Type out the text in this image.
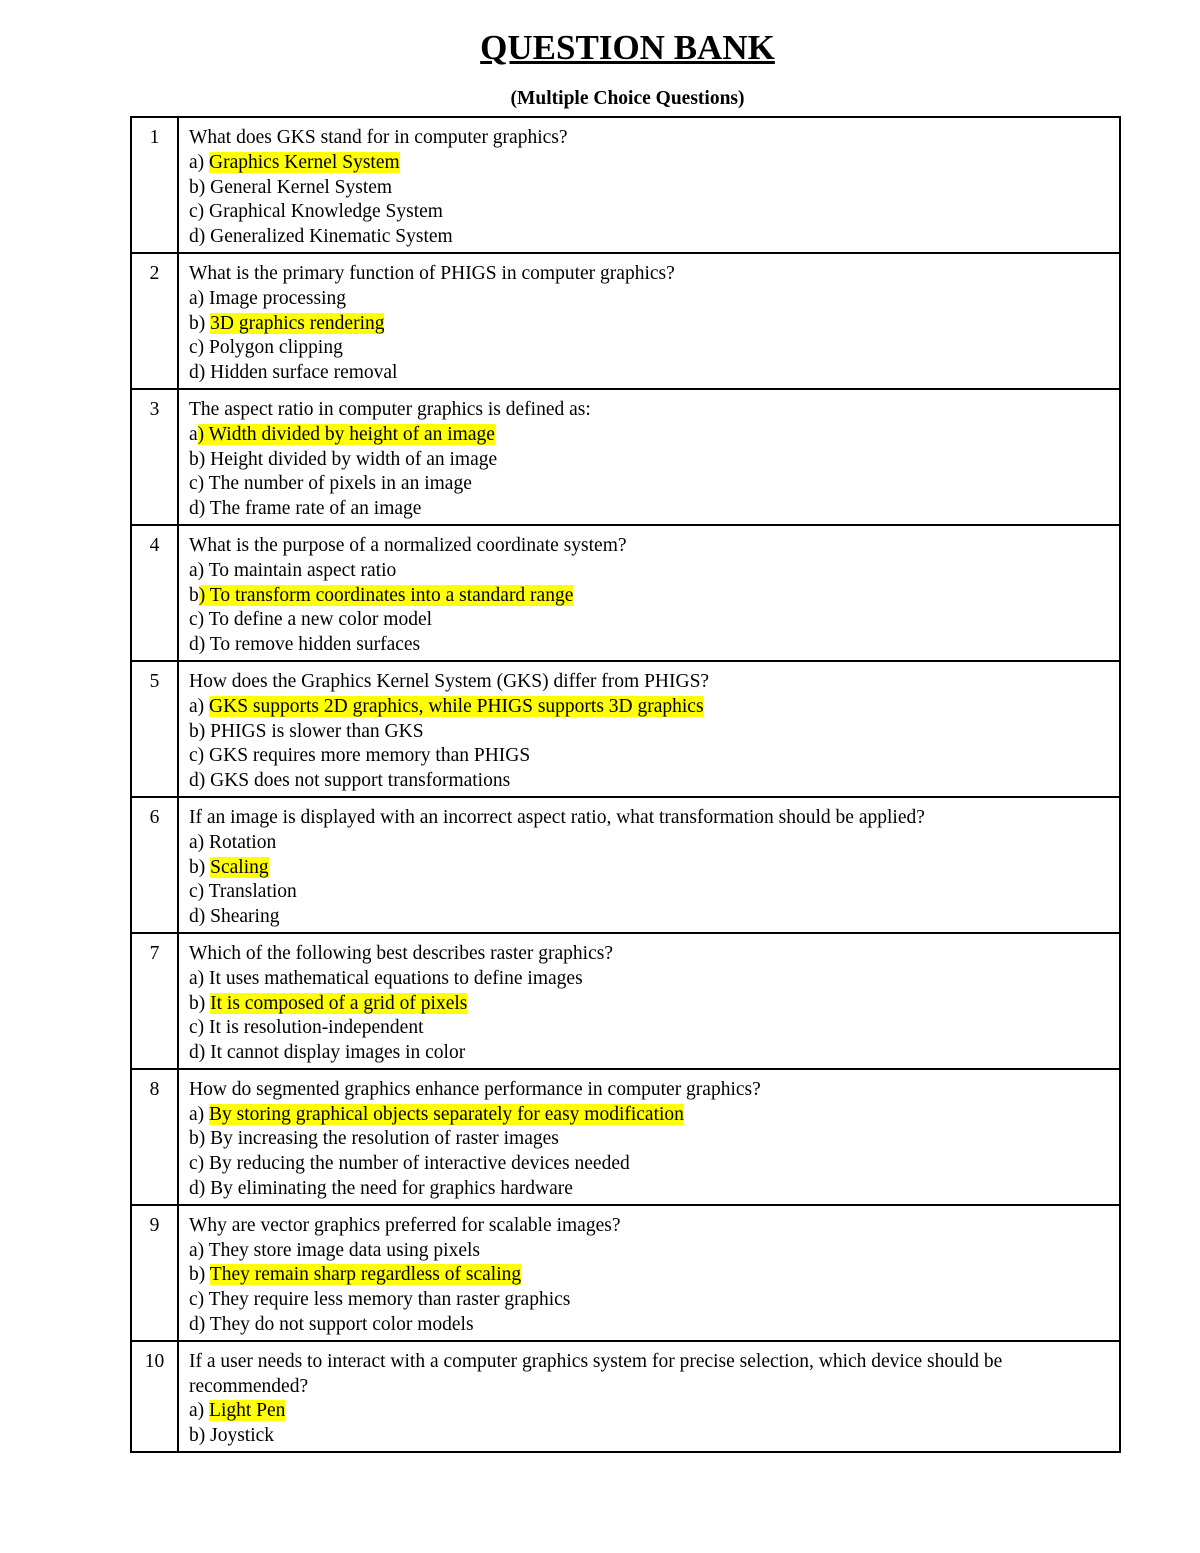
QUESTION BANK
(Multiple Choice Questions)
1	What does GKS stand for in computer graphics?
a) Graphics Kernel System
b) General Kernel System
c) Graphical Knowledge System
d) Generalized Kinematic System

2	What is the primary function of PHIGS in computer graphics?
a) Image processing
b) 3D graphics rendering
c) Polygon clipping
d) Hidden surface removal

3	The aspect ratio in computer graphics is defined as:
a) Width divided by height of an image
b) Height divided by width of an image
c) The number of pixels in an image
d) The frame rate of an image

4	What is the purpose of a normalized coordinate system?
a) To maintain aspect ratio
b) To transform coordinates into a standard range
c) To define a new color model
d) To remove hidden surfaces

5	How does the Graphics Kernel System (GKS) differ from PHIGS?
a) GKS supports 2D graphics, while PHIGS supports 3D graphics
b) PHIGS is slower than GKS
c) GKS requires more memory than PHIGS
d) GKS does not support transformations

6	If an image is displayed with an incorrect aspect ratio, what transformation should be applied?
a) Rotation
b) Scaling
c) Translation
d) Shearing

7	Which of the following best describes raster graphics?
a) It uses mathematical equations to define images
b) It is composed of a grid of pixels
c) It is resolution-independent
d) It cannot display images in color

8	How do segmented graphics enhance performance in computer graphics?
a) By storing graphical objects separately for easy modification
b) By increasing the resolution of raster images
c) By reducing the number of interactive devices needed
d) By eliminating the need for graphics hardware

9	Why are vector graphics preferred for scalable images?
a) They store image data using pixels
b) They remain sharp regardless of scaling
c) They require less memory than raster graphics
d) They do not support color models

10	If a user needs to interact with a computer graphics system for precise selection, which device should be recommended?
a) Light Pen
b) Joystick
